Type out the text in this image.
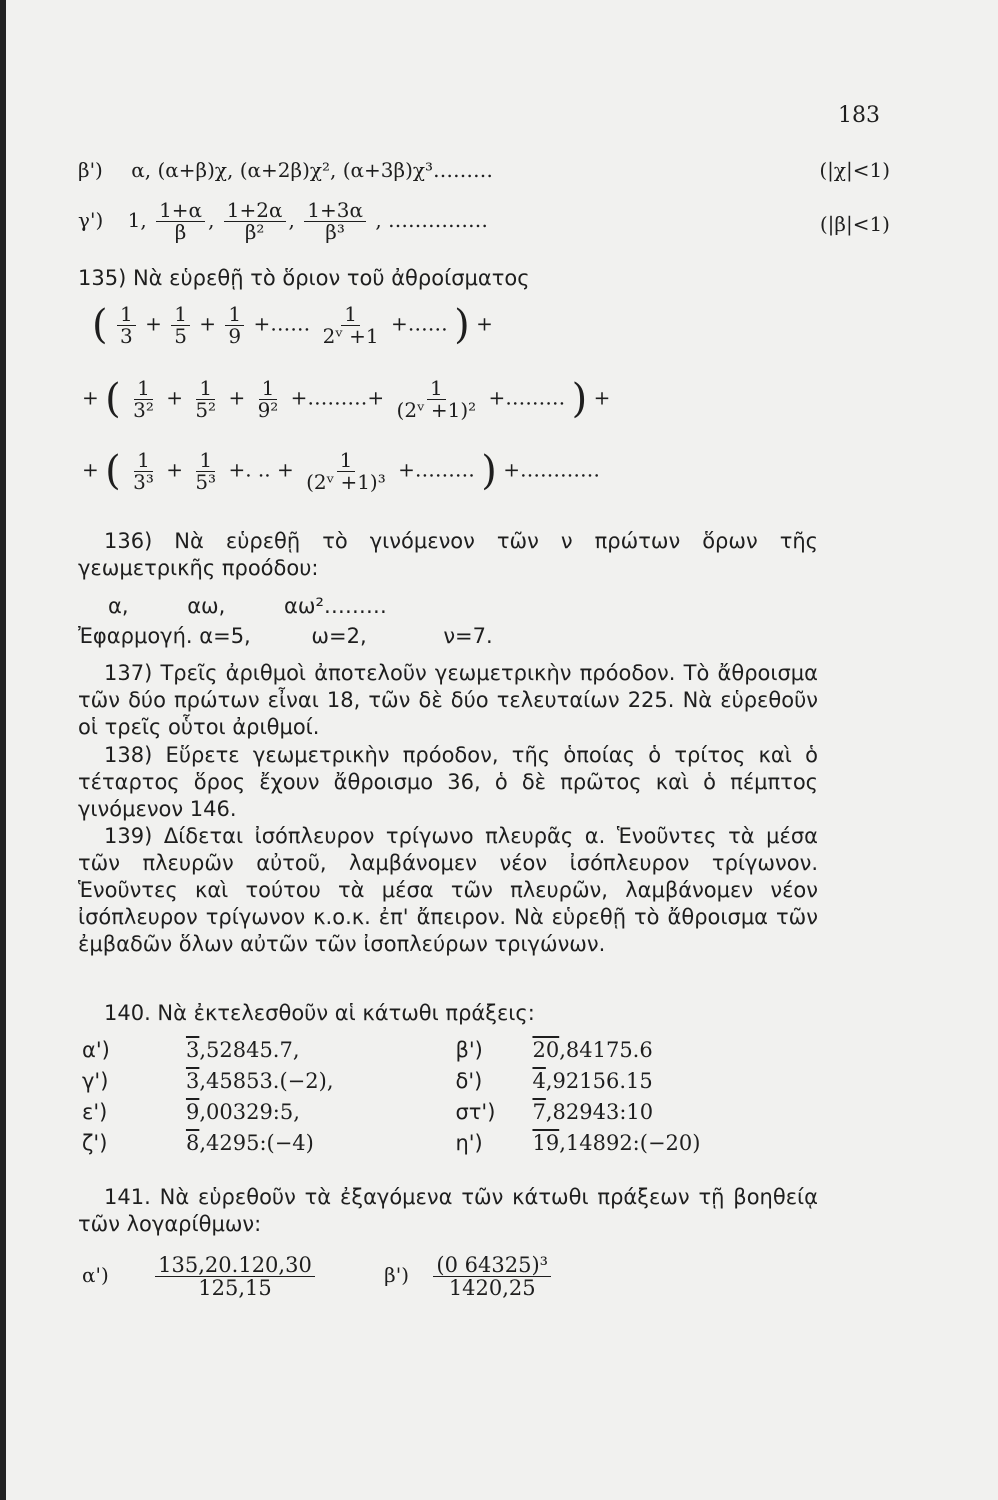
183
β') α, (α+β)χ, (α+2β)χ², (α+3β)χ³………	(|χ|<1)
γ') 1, $\frac{1+\alpha}{\beta}$ , $\frac{1+2\alpha}{\text{β²}}$ , $\frac{1+3\alpha}{\text{β³}}$ , ……………	(|β|<1)
135) Νὰ εὑρεθῇ τὸ ὅριον τοῦ ἀθροίσματος
( $\frac{1}{3} + \frac{1}{5} + \frac{1}{9}$ +…… $\frac{1}{\text{2ᵛ +1}}$ +…… ) +
+ ( $\frac{1}{\text{3²}} + \frac{1}{\text{5²}} + \frac{1}{\text{9²}}$ +………+ $\frac{1}{\text{(2ᵛ +1)²}}$ +……… ) +
+ ( $\frac{1}{\text{3³}} + \frac{1}{\text{5³}}$ +. .. + $\frac{1}{\text{(2ᵛ +1)³}}$ +……… ) +…………
136) Νὰ εὑρεθῇ τὸ γινόμενον τῶν ν πρώτων ὅρων τῆς γεωμετρικῆς προόδου:
α,	αω,	αω²………
Ἐφαρμογή. α=5,	ω=2,	ν=7.
137) Τρεῖς ἀριθμοὶ ἀποτελοῦν γεωμετρικὴν πρόοδον. Τὸ ἄθροισμα τῶν δύο πρώτων εἶναι 18, τῶν δὲ δύο τελευταίων 225. Νὰ εὑρεθοῦν οἱ τρεῖς οὗτοι ἀριθμοί.
138) Εὕρετε γεωμετρικὴν πρόοδον, τῆς ὁποίας ὁ τρίτος καὶ ὁ τέταρτος ὅρος ἔχουν ἄθροισμο 36, ὁ δὲ πρῶτος καὶ ὁ πέμπτος γινόμενον 146.
139) Δίδεται ἰσόπλευρον τρίγωνο πλευρᾶς α. Ἑνοῦντες τὰ μέσα τῶν πλευρῶν αὐτοῦ, λαμβάνομεν νέον ἰσόπλευρον τρίγωνον. Ἑνοῦντες καὶ τούτου τὰ μέσα τῶν πλευρῶν, λαμβάνομεν νέον ἰσόπλευρον τρίγωνον κ.ο.κ. ἐπ' ἄπειρον. Νὰ εὑρεθῇ τὸ ἄθροισμα τῶν ἐμβαδῶν ὅλων αὐτῶν τῶν ἰσοπλεύρων τριγώνων.
140. Νὰ ἐκτελεσθοῦν αἱ κάτωθι πράξεις:
α')	3,52845.7,	β')	20,84175.6
γ')	3,45853.(−2),	δ')	4,92156.15
ε')	9,00329:5,	στ')	7,82943:10
ζ')	8,4295:(−4)	η')	19,14892:(−20)
141. Νὰ εὑρεθοῦν τὰ ἐξαγόμενα τῶν κάτωθι πράξεων τῇ βοηθείᾳ τῶν λογαρίθμων:
$\alpha') \frac{135,20.120,30}{125,15}$	$\beta') \frac{\text{(0 64325)³}}{1420,25}$
